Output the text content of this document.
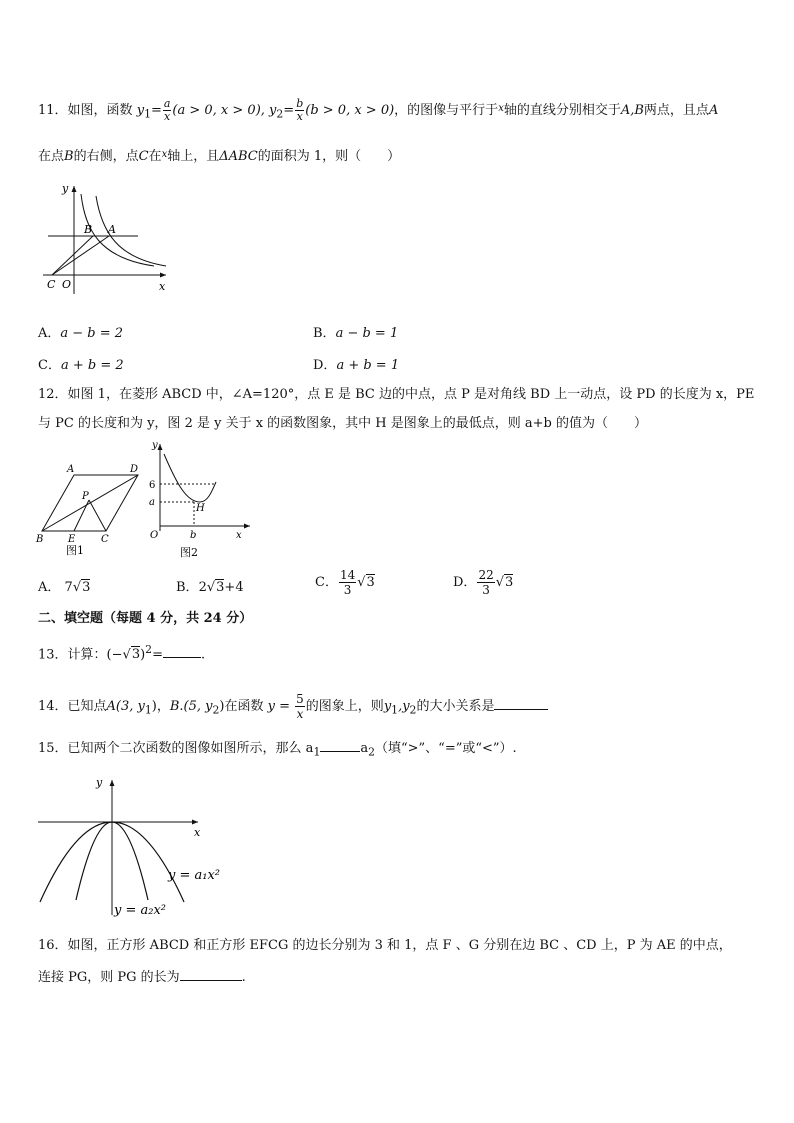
11．如图，函数 $y_1= \frac{a}{x} (a > 0$, x > 0), $y_2= \frac{b}{x} (b > 0$, x > 0)，的图像与平行于$^x$轴的直线分别相交于A,B两点，且点A
在点B的右侧，点C在$^x$轴上，且ΔABC的面积为 1，则（　　）
y
x
B A
C O
A．a − b = 2	B．a − b = 1
C．a + b = 2	D．a + b = 1
12．如图 1，在菱形 ABCD 中，∠A=120°，点 E 是 BC 边的中点，点 P 是对角线 BD 上一动点，设 PD 的长度为 x，PE
与 PC 的长度和为 y，图 2 是 y 关于 x 的函数图象，其中 H 是图象上的最低点，则 a+b 的值为（　　）
A	D
P
B E	C
图1
y
6
a
H
O	b	x
图2
A． 7√3	B．2√3+4	C． $\frac{14}{3} √3$	D． $\frac{22}{3} √3$
二、填空题（每题 4 分，共 24 分）
13．计算：$(-√3)^2=$	.
14．已知点A(3, $y_1$)，B.(5, $y_2$)在函数 $y = \frac{5}{x}$ 的图象上，则$y_1,y_2$的大小关系是
15．已知两个二次函数的图像如图所示，那么 $a_1$	$a_2$（填“>”、“=”或“<”）.
y
x
y = a₁x²
y = a₂x²
16．如图，正方形 ABCD 和正方形 EFCG 的边长分别为 3 和 1，点 F 、G 分别在边 BC 、CD 上，P 为 AE 的中点，
连接 PG，则 PG 的长为	.
